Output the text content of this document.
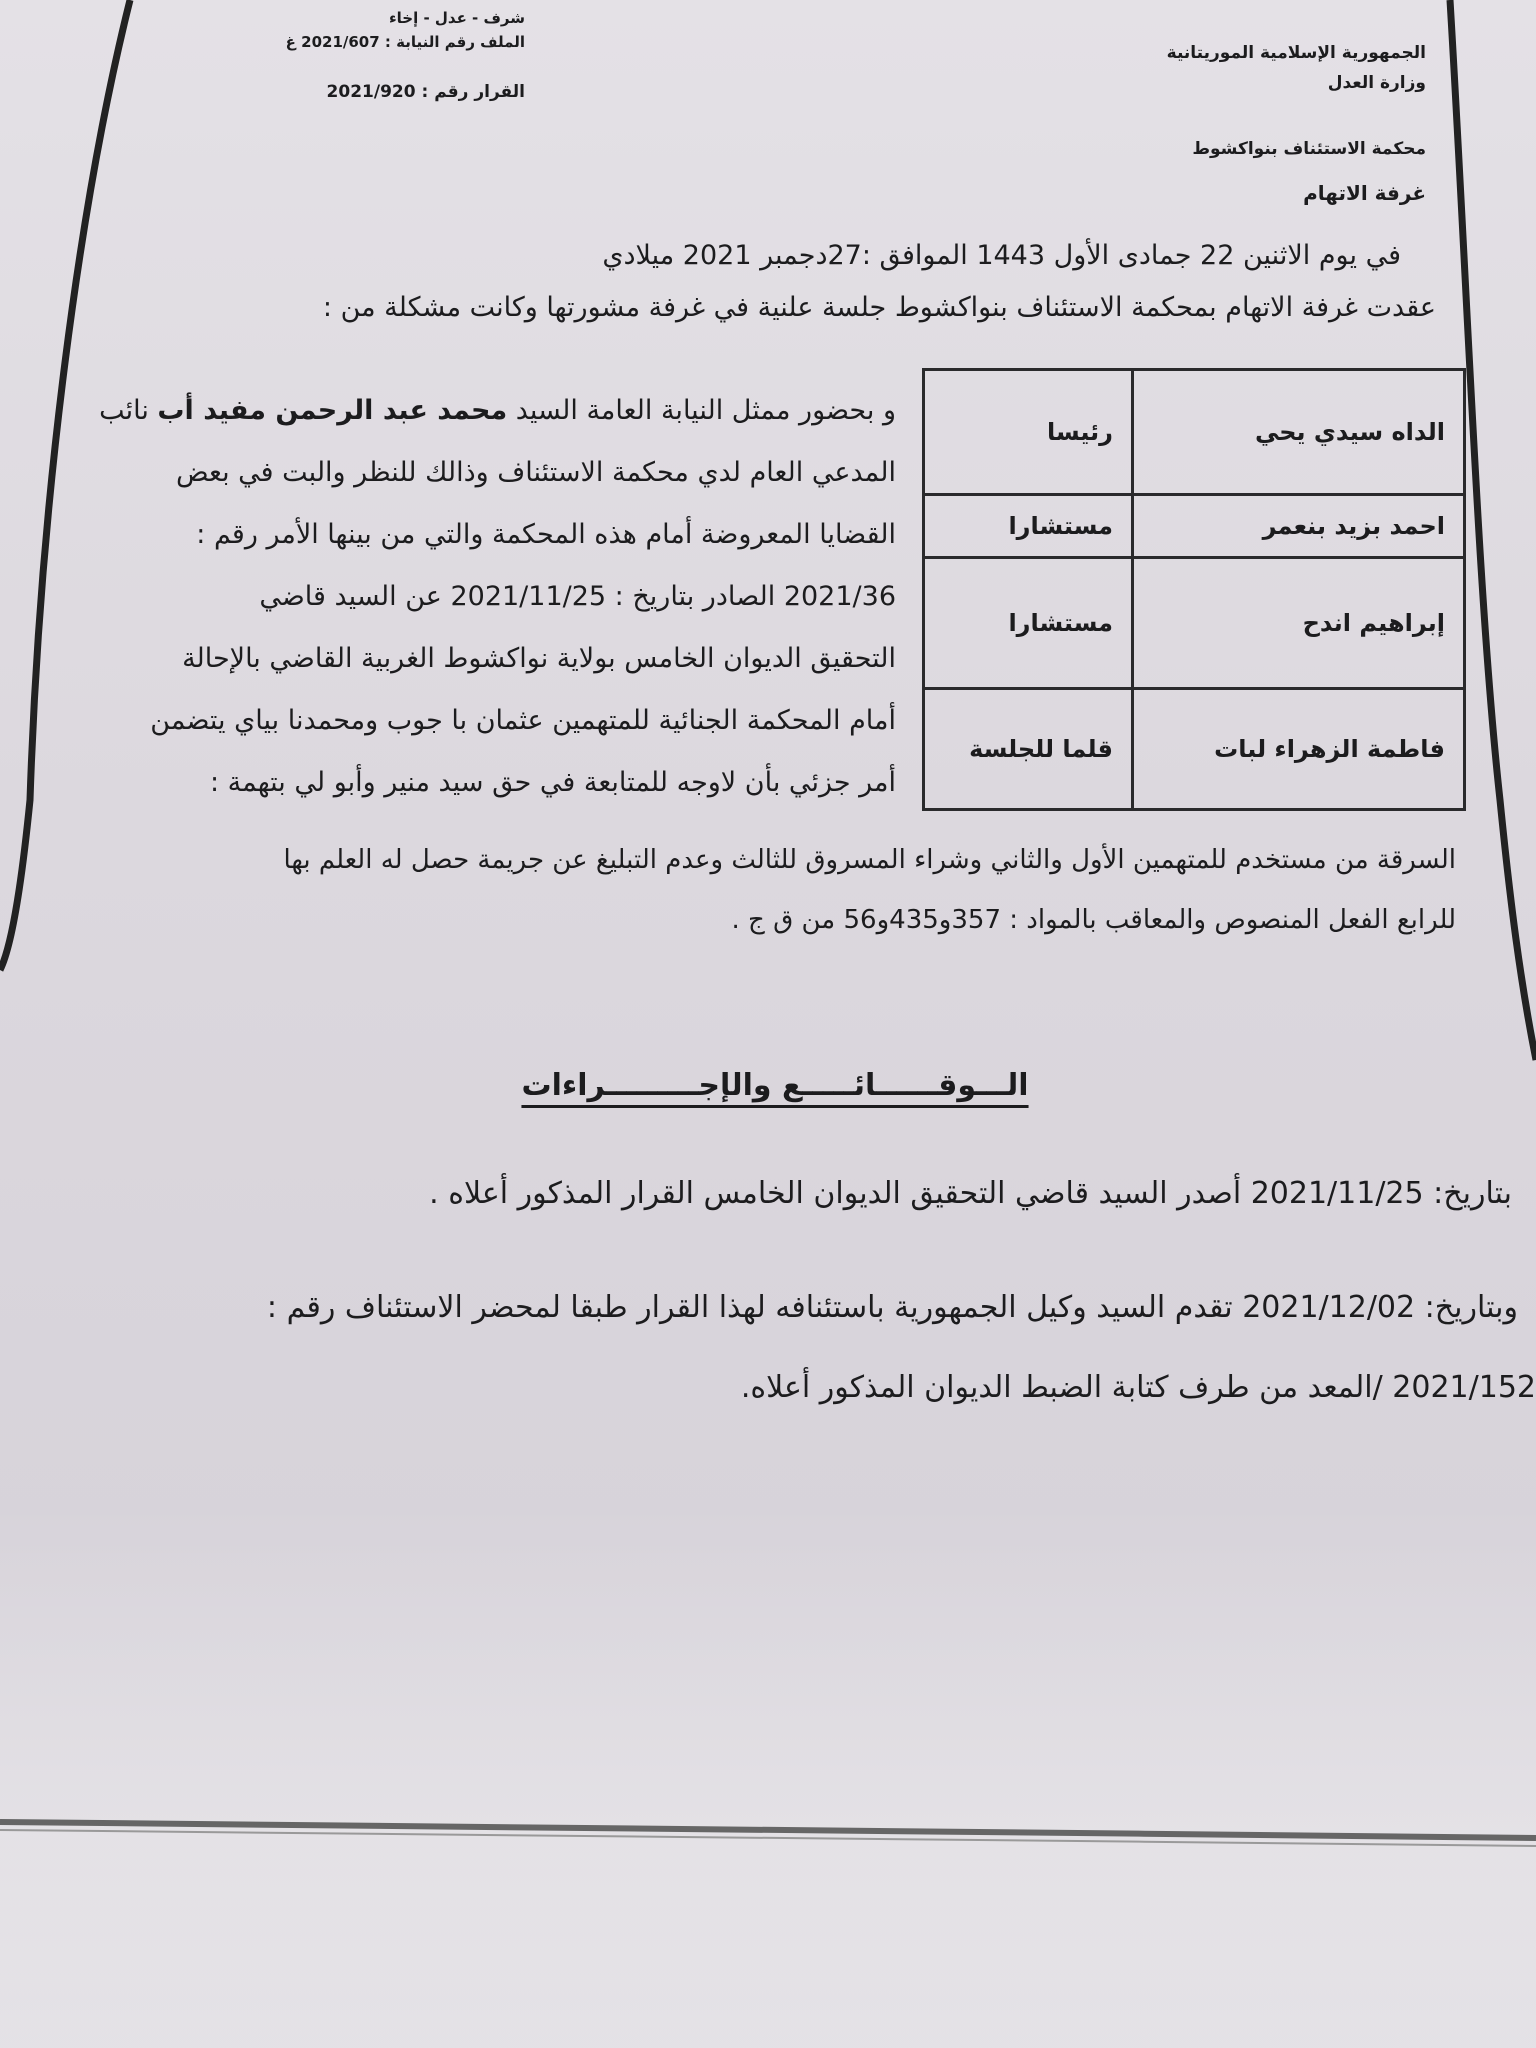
الجمهورية الإسلامية الموريتانية
وزارة العدل
محكمة الاستئناف بنواكشوط
غرفة الاتهام
شرف - عدل - إخاء
الملف رقم النيابة : 2021/607 غ
القرار رقم : 2021/920
في يوم الاثنين 22 جمادى الأول 1443 الموافق :27دجمبر 2021 ميلادي
عقدت غرفة الاتهام بمحكمة الاستئناف بنواكشوط جلسة علنية في غرفة مشورتها وكانت مشكلة من :
الداه سيدي يحي	رئيسا
احمد بزيد بنعمر	مستشارا
إبراهيم اندح	مستشارا
فاطمة الزهراء لبات	قلما للجلسة

و بحضور ممثل النيابة العامة السيد محمد عبد الرحمن مفيد أب نائب

المدعي العام لدي محكمة الاستئناف وذالك للنظر والبت في بعض

القضايا المعروضة أمام هذه المحكمة والتي من بينها الأمر رقم :

2021/36 الصادر بتاريخ : 2021/11/25 عن السيد قاضي

التحقيق الديوان الخامس بولاية نواكشوط الغربية القاضي بالإحالة

أمام المحكمة الجنائية للمتهمين عثمان با جوب ومحمدنا بياي يتضمن

أمر جزئي بأن لاوجه للمتابعة في حق سيد منير وأبو لي بتهمة :

السرقة من مستخدم للمتهمين الأول والثاني وشراء المسروق للثالث وعدم التبليغ عن جريمة حصل له العلم بها

للرابع الفعل المنصوص والمعاقب بالمواد : 357و435و56 من ق ج .

الـــوقــــــائـــــع والإجـــــــــراءات
بتاريخ: 2021/11/25 أصدر السيد قاضي التحقيق الديوان الخامس القرار المذكور أعلاه .
وبتاريخ: 2021/12/02 تقدم السيد وكيل الجمهورية باستئنافه لهذا القرار طبقا لمحضر الاستئناف رقم :
2021/152 /المعد من طرف كتابة الضبط الديوان المذكور أعلاه.
